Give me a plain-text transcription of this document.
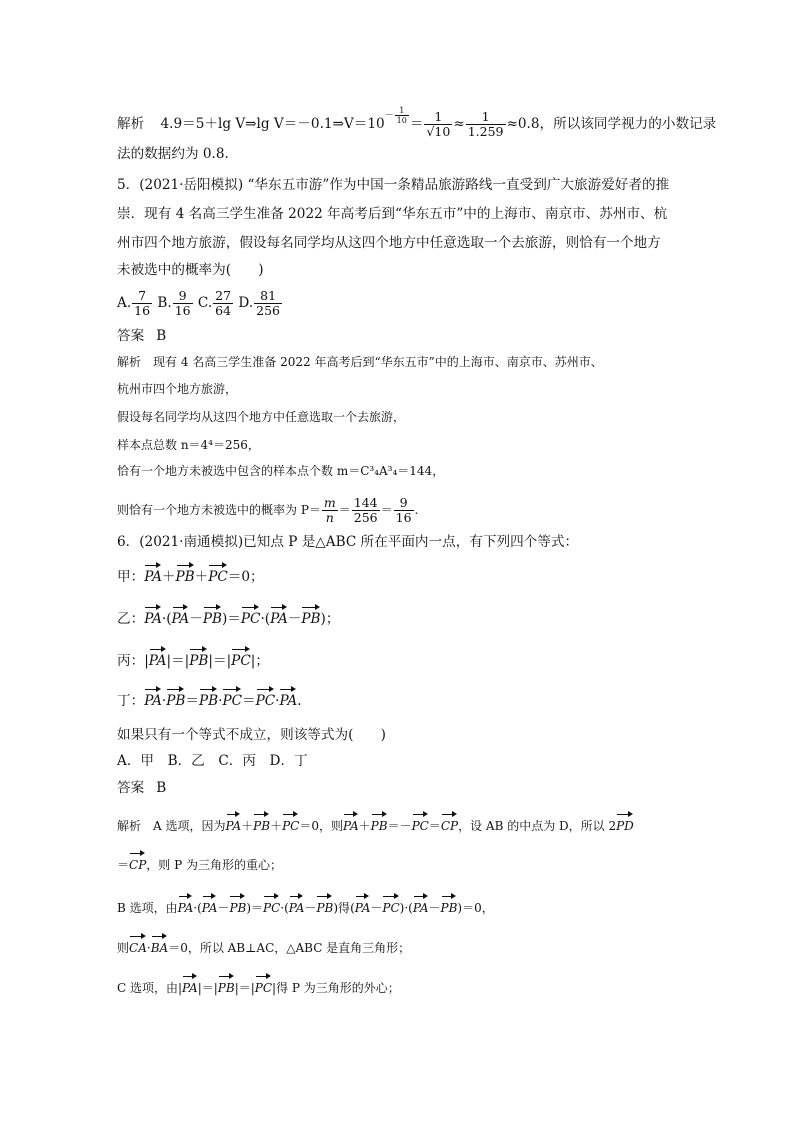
解析 4.9＝5＋lg V⇒lg V＝－0.1⇒V＝10－ $\frac{1}{10} = \frac{1}{√10} \approx \frac{1}{1.259} \approx 0.8$，所以该同学视力的小数记录
法的数据约为 0.8.
5．(2021·岳阳模拟) “华东五市游”作为中国一条精品旅游路线一直受到广大旅游爱好者的推
崇．现有 4 名高三学生准备 2022 年高考后到“华东五市”中的上海市、南京市、苏州市、杭
州市四个地方旅游，假设每名同学均从这四个地方中任意选取一个去旅游，则恰有一个地方
未被选中的概率为(　　)
A. $\frac{7}{16} B$. $\frac{9}{16} C$. $\frac{27}{64} D$. $\frac{81}{256}$
答案 B
解析 现有 4 名高三学生准备 2022 年高考后到“华东五市”中的上海市、南京市、苏州市、
杭州市四个地方旅游，
假设每名同学均从这四个地方中任意选取一个去旅游，
样本点总数 n＝4⁴＝256，
恰有一个地方未被选中包含的样本点个数 m＝C³₄A³₄＝144，
则恰有一个地方未被选中的概率为 $P= \frac{m}{n} = \frac{144}{256} = \frac{9}{16}$ .
6．(2021·南通模拟)已知点 P 是△ABC 所在平面内一点，有下列四个等式：
甲：PA＋PB＋PC＝0；
乙：PA·(PA－PB)＝PC·(PA－PB)；
丙：|PA|＝|PB|＝|PC|；
丁：PA·PB＝PB·PC＝PC·PA.
如果只有一个等式不成立，则该等式为(　　)
A．甲　B．乙　C．丙　D．丁
答案 B
解析 A 选项，因为PA＋PB＋PC＝0，则PA＋PB＝－PC＝CP，设 AB 的中点为 D，所以 2PD
＝CP，则 P 为三角形的重心；
B 选项，由PA·(PA－PB)＝PC·(PA－PB)得(PA－PC)·(PA－PB)＝0，
则CA·BA＝0，所以 AB⊥AC，△ABC 是直角三角形；
C 选项，由|PA|＝|PB|＝|PC|得 P 为三角形的外心；
